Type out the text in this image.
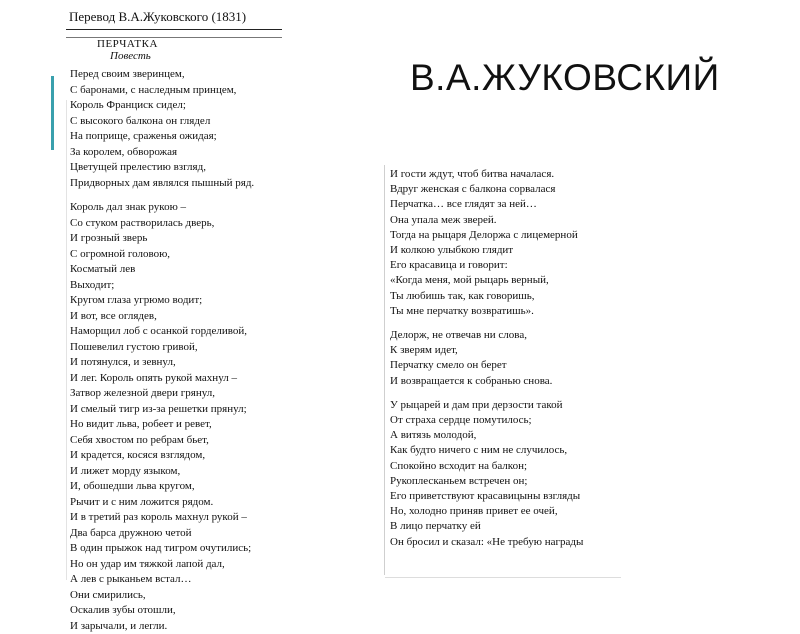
Перевод В.А.Жуковского (1831)
ПЕРЧАТКА
Повесть
Перед своим зверинцем,
С баронами, с наследным принцем,
Король Франциск сидел;
С высокого балкона он глядел
На поприще, сраженья ожидая;
За королем, обворожая
Цветущей прелестию взгляд,
Придворных дам являлся пышный ряд.
Король дал знак рукою –
Со стуком растворилась дверь,
И грозный зверь
С огромной головою,
Косматый лев
Выходит;
Кругом глаза угрюмо водит;
И вот, все оглядев,
Наморщил лоб с осанкой горделивой,
Пошевелил густою гривой,
И потянулся, и зевнул,
И лег. Король опять рукой махнул –
Затвор железной двери грянул,
И смелый тигр из-за решетки прянул;
Но видит льва, робеет и ревет,
Себя хвостом по ребрам бьет,
И крадется, косяся взглядом,
И лижет морду языком,
И, обошедши льва кругом,
Рычит и с ним ложится рядом.
И в третий раз король махнул рукой –
Два барса дружною четой
В один прыжок над тигром очутились;
Но он удар им тяжкой лапой дал,
А лев с рыканьем встал…
Они смирились,
Оскалив зубы отошли,
И зарычали, и легли.
И гости ждут, чтоб битва началася.
Вдруг женская с балкона сорвалася
Перчатка… все глядят за ней…
Она упала меж зверей.
Тогда на рыцаря Делоржа с лицемерной
И колкою улыбкою глядит
Его красавица и говорит:
«Когда меня, мой рыцарь верный,
Ты любишь так, как говоришь,
Ты мне перчатку возвратишь».
Делорж, не отвечав ни слова,
К зверям идет,
Перчатку смело он берет
И возвращается к собранью снова.
У рыцарей и дам при дерзости такой
От страха сердце помутилось;
А витязь молодой,
Как будто ничего с ним не случилось,
Спокойно всходит на балкон;
Рукоплесканьем встречен он;
Его приветствуют красавицыны взгляды
Но, холодно приняв привет ее очей,
В лицо перчатку ей
Он бросил и сказал: «Не требую награды
В.А.ЖУКОВСКИЙ
